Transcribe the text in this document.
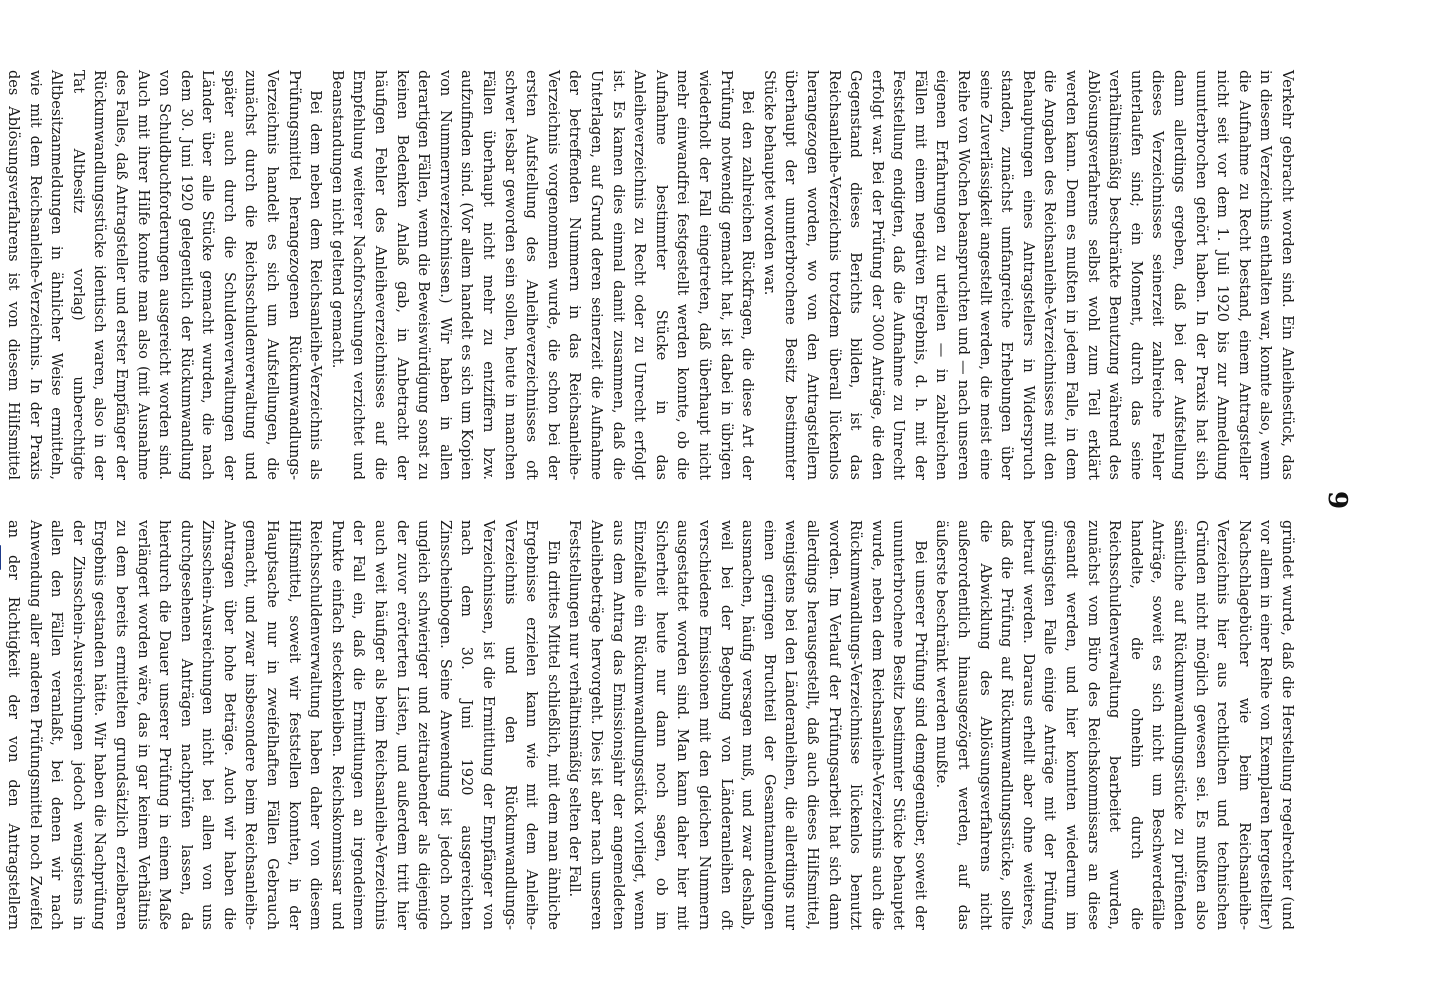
9

Verkehr gebracht worden sind. Ein Anleihestück, das in diesem Verzeichnis enthalten war, konnte also, wenn die Aufnahme zu Recht bestand, einem Antragsteller nicht seit vor dem 1. Juli 1920 bis zur Anmeldung ununterbrochen gehört haben. In der Praxis hat sich dann allerdings ergeben, daß bei der Aufstellung dieses Verzeichnisses seinerzeit zahlreiche Fehler unterlaufen sind; ein Moment, durch das seine verhältnismäßig beschränkte Benutzung während des Ablösungsverfahrens selbst wohl zum Teil erklärt werden kann. Denn es mußten in jedem Falle, in dem die Angaben des Reichsanleihe-Verzeichnisses mit den Behauptungen eines Antragstellers in Widerspruch standen, zunächst umfangreiche Erhebungen über seine Zuverlässigkeit angestellt werden, die meist eine Reihe von Wochen beanspruchten und — nach unseren eigenen Erfahrungen zu urteilen — in zahlreichen Fällen mit einem negativen Ergebnis, d. h. mit der Feststellung endigten, daß die Aufnahme zu Unrecht erfolgt war. Bei der Prüfung der 3000 Anträge, die den Gegenstand dieses Berichts bilden, ist das Reichsanleihe-Verzeichnis trotzdem überall lückenlos herangezogen worden, wo von den Antragstellern überhaupt der ununterbrochene Besitz bestimmter Stücke behauptet worden war.

Bei den zahlreichen Rückfragen, die diese Art der Prüfung notwendig gemacht hat, ist dabei in übrigen wiederholt der Fall eingetreten, daß überhaupt nicht mehr einwandfrei festgestellt werden konnte, ob die Aufnahme bestimmter Stücke in das Anleiheverzeichnis zu Recht oder zu Unrecht erfolgt ist. Es kamen dies einmal damit zusammen, daß die Unterlagen, auf Grund deren seinerzeit die Aufnahme der betreffenden Nummern in das Reichsanleihe-Verzeichnis vorgenommen wurde, die schon bei der ersten Aufstellung des Anleiheverzeichnisses oft schwer lesbar geworden sein sollen, heute in manchen Fällen überhaupt nicht mehr zu entziffern bzw. aufzufinden sind. (Vor allem handelt es sich um Kopien von Nummernverzeichnissen.) Wir haben in allen derartigen Fällen, wenn die Beweiswürdigung sonst zu keinen Bedenken Anlaß gab, in Anbetracht der häufigen Fehler des Anleiheverzeichnisses auf die Empfehlung weiterer Nachforschungen verzichtet und Beanstandungen nicht geltend gemacht.

Bei dem neben dem Reichsanleihe-Verzeichnis als Prüfungsmittel herangezogenen Rückumwandlungs-Verzeichnis handelt es sich um Aufstellungen, die zunächst durch die Reichsschuldenverwaltung und später auch durch die Schuldenverwaltungen der Länder über alle Stücke gemacht wurden, die nach dem 30. Juni 1920 gelegentlich der Rückumwandlung von Schuldbuchforderungen ausgereicht worden sind. Auch mit ihrer Hilfe konnte man also (mit Ausnahme des Falles, daß Antragsteller und erster Empfänger der Rückumwandlungsstücke identisch waren, also in der Tat Altbesitz vorlag) unberechtigte Altbesitzanmeldungen in ähnlicher Weise ermitteln, wie mit dem Reichsanleihe-Verzeichnis. In der Praxis des Ablösungsverfahrens ist von diesem Hilfsmittel

gründet wurde, daß die Herstellung regelrechter (und vor allem in einer Reihe von Exemplaren hergestellter) Nachschlagebücher wie beim Reichsanleihe-Verzeichnis hier aus rechtlichen und technischen Gründen nicht möglich gewesen sei. Es mußten also sämtliche auf Rückumwandlungsstücke zu prüfenden Anträge, soweit es sich nicht um Beschwerdefälle handelte, die ohnehin durch die Reichsschuldenverwaltung bearbeitet wurden, zunächst vom Büro des Reichskommissars an diese gesandt werden, und hier konnten wiederum im günstigsten Falle einige Anträge mit der Prüfung betraut werden. Daraus erhellt aber ohne weiteres, daß die Prüfung auf Rückumwandlungsstücke, sollte die Abwicklung des Ablösungsverfahrens nicht außerordentlich hinausgezögert werden, auf das äußerste beschränkt werden mußte.

Bei unserer Prüfung sind demgegenüber, soweit der ununterbrochene Besitz bestimmter Stücke behauptet wurde, neben dem Reichsanleihe-Verzeichnis auch die Rückumwandlungs-Verzeichnisse lückenlos benutzt worden. Im Verlauf der Prüfungsarbeit hat sich dann allerdings herausgestellt, daß auch dieses Hilfsmittel, wenigstens bei den Länderanleihen, die allerdings nur einen geringen Bruchteil der Gesamtanmeldungen ausmachen, häufig versagen muß, und zwar deshalb, weil bei der Begebung von Länderanleihen oft verschiedene Emissionen mit den gleichen Nummern ausgestattet worden sind. Man kann daher hier mit Sicherheit heute nur dann noch sagen, ob im Einzelfalle ein Rückumwandlungsstück vorliegt, wenn aus dem Antrag das Emissionsjahr der angemeldeten Anleihebeträge hervorgeht. Dies ist aber nach unseren Feststellungen nur verhältnismäßig selten der Fall.

Ein drittes Mittel schließlich, mit dem man ähnliche Ergebnisse erzielen kann wie mit dem Anleihe-Verzeichnis und den Rückumwandlungs-Verzeichnissen, ist die Ermittlung der Empfänger von nach dem 30. Juni 1920 ausgereichten Zinsscheinbogen. Seine Anwendung ist jedoch noch ungleich schwieriger und zeitraubender als diejenige der zuvor erörterten Listen, und außerdem tritt hier auch weit häufiger als beim Reichsanleihe-Verzeichnis der Fall ein, daß die Ermittlungen an irgendeinem Punkte einfach steckenbleiben. Reichskommissar und Reichsschuldenverwaltung haben daher von diesem Hilfsmittel, soweit wir feststellen konnten, in der Hauptsache nur in zweifelhaften Fällen Gebrauch gemacht, und zwar insbesondere beim Reichsanleihe-Antragen über hohe Beträge. Auch wir haben die Zinsschein-Ausreichungen nicht bei allen von uns durchgesehenen Anträgen nachprüfen lassen, da hierdurch die Dauer unserer Prüfung in einem Maße verlängert worden wäre, das in gar keinem Verhältnis zu dem bereits ermittelten grundsätzlich erzielbaren Ergebnis gestanden hätte. Wir haben die Nachprüfung der Zinsschein-Ausreichungen jedoch wenigstens in allen den Fällen veranlaßt, bei denen wir nach Anwendung aller anderen Prüfungsmittel noch Zweifel an der Richtigkeit der von den Antragstellern
